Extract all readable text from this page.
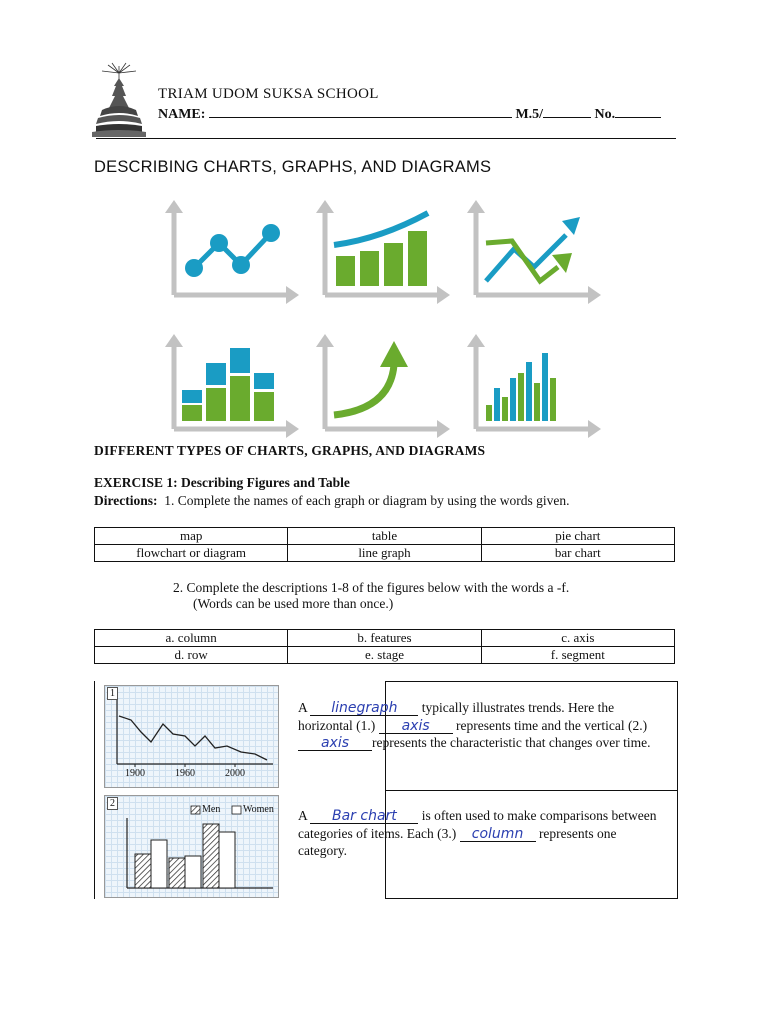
TRIAM UDOM SUKSA SCHOOL
NAME:	M.5/	No.
DESCRIBING CHARTS, GRAPHS, AND DIAGRAMS
DIFFERENT TYPES OF CHARTS, GRAPHS, AND DIAGRAMS
EXERCISE 1: Describing Figures and Table
Directions: 1. Complete the names of each graph or diagram by using the words given.
map	table	pie chart
flowchart or diagram	line graph	bar chart
2. Complete the descriptions 1-8 of the figures below with the words a -f.
(Words can be used more than once.)
a. column	b. features	c. axis
d. row	e. stage	f. segment
1
1900	1960	2000
2
Men Women
A linegraph typically illustrates trends. Here the horizontal (1.) axis represents time and the vertical (2.) axis represents the characteristic that changes over time.
A Bar chart is often used to make comparisons between categories of items. Each (3.) column represents one category.
